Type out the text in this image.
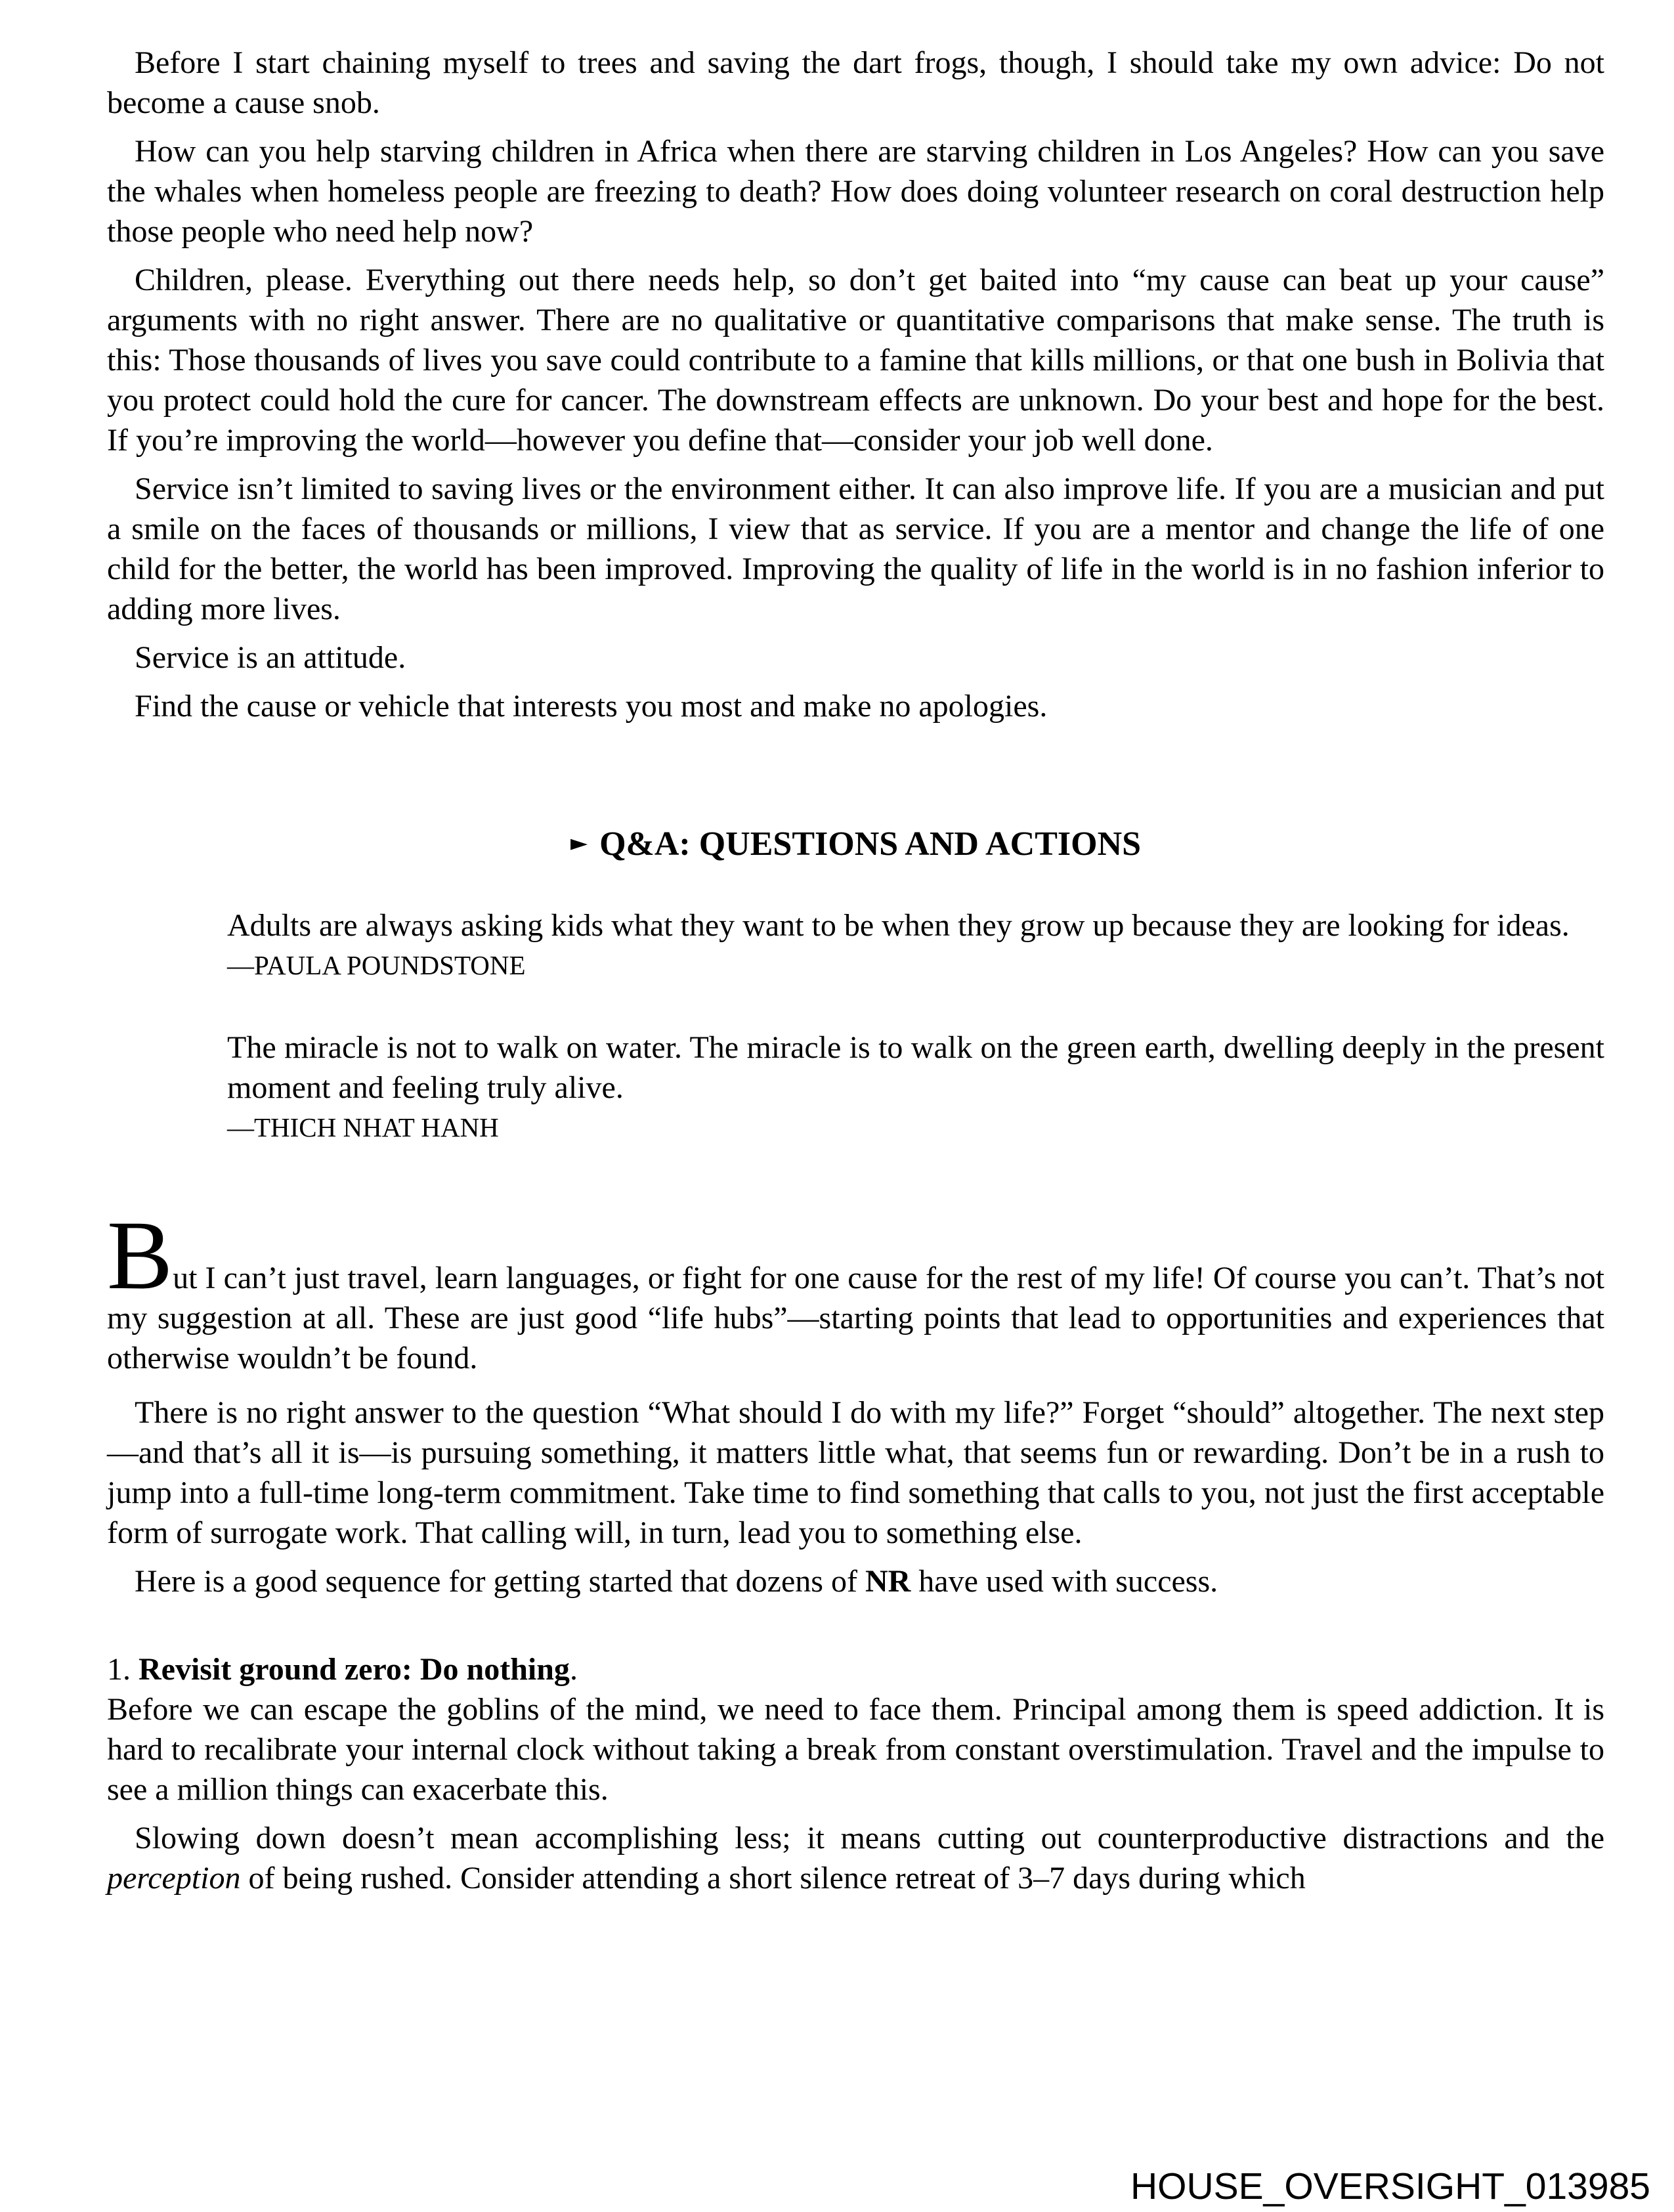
Before I start chaining myself to trees and saving the dart frogs, though, I should take my own advice: Do not become a cause snob.

How can you help starving children in Africa when there are starving children in Los Angeles? How can you save the whales when homeless people are freezing to death? How does doing volunteer research on coral destruction help those people who need help now?

Children, please. Everything out there needs help, so don’t get baited into “my cause can beat up your cause” arguments with no right answer. There are no qualitative or quantitative comparisons that make sense. The truth is this: Those thousands of lives you save could contribute to a famine that kills millions, or that one bush in Bolivia that you protect could hold the cure for cancer. The downstream effects are unknown. Do your best and hope for the best. If you’re improving the world—however you define that—consider your job well done.

Service isn’t limited to saving lives or the environment either. It can also improve life. If you are a musician and put a smile on the faces of thousands or millions, I view that as service. If you are a mentor and change the life of one child for the better, the world has been improved. Improving the quality of life in the world is in no fashion inferior to adding more lives.

Service is an attitude.

Find the cause or vehicle that interests you most and make no apologies.

► Q&A: QUESTIONS AND ACTIONS

Adults are always asking kids what they want to be when they grow up because they are looking for ideas.

—PAULA POUNDSTONE

The miracle is not to walk on water. The miracle is to walk on the green earth, dwelling deeply in the present moment and feeling truly alive.

—THICH NHAT HANH

But I can’t just travel, learn languages, or fight for one cause for the rest of my life! Of course you can’t. That’s not my suggestion at all. These are just good “life hubs”—starting points that lead to opportunities and experiences that otherwise wouldn’t be found.

There is no right answer to the question “What should I do with my life?” Forget “should” altogether. The next step—and that’s all it is—is pursuing something, it matters little what, that seems fun or rewarding. Don’t be in a rush to jump into a full-time long-term commitment. Take time to find something that calls to you, not just the first acceptable form of surrogate work. That calling will, in turn, lead you to something else.

Here is a good sequence for getting started that dozens of NR have used with success.

1. Revisit ground zero: Do nothing.

Before we can escape the goblins of the mind, we need to face them. Principal among them is speed addiction. It is hard to recalibrate your internal clock without taking a break from constant overstimulation. Travel and the impulse to see a million things can exacerbate this.

Slowing down doesn’t mean accomplishing less; it means cutting out counterproductive distractions and the perception of being rushed. Consider attending a short silence retreat of 3–7 days during which

HOUSE_OVERSIGHT_013985
